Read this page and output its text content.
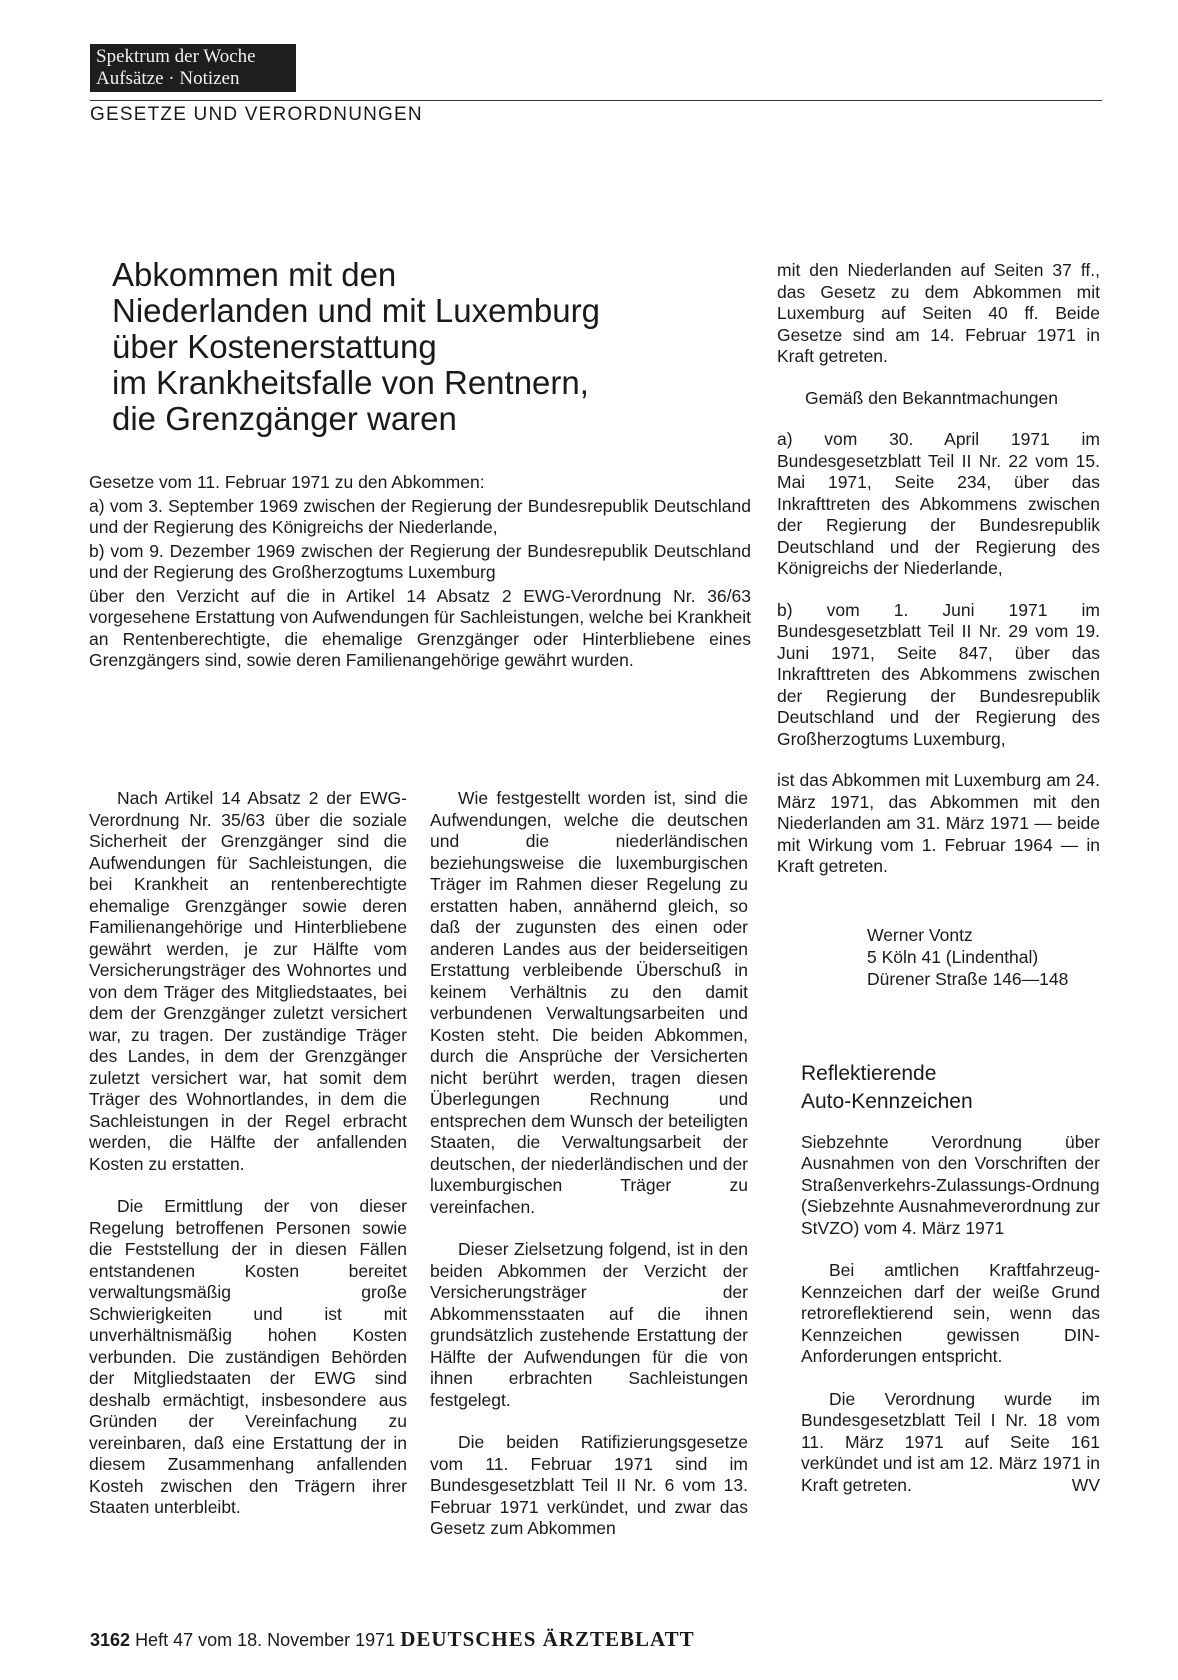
Spektrum der Woche
Aufsätze · Notizen
GESETZE UND VERORDNUNGEN
Abkommen mit den
Niederlanden und mit Luxemburg
über Kostenerstattung
im Krankheitsfalle von Rentnern,
die Grenzgänger waren

Gesetze vom 11. Februar 1971 zu den Abkommen:

a) vom 3. September 1969 zwischen der Regierung der Bundesrepublik Deutschland und der Regierung des Königreichs der Niederlande,

b) vom 9. Dezember 1969 zwischen der Regierung der Bundesrepublik Deutschland und der Regierung des Großherzogtums Luxemburg

über den Verzicht auf die in Artikel 14 Absatz 2 EWG-Verordnung Nr. 36/63 vorgesehene Erstattung von Aufwendungen für Sachleistungen, welche bei Krankheit an Rentenberechtigte, die ehemalige Grenzgänger oder Hinterbliebene eines Grenzgängers sind, sowie deren Familienangehörige gewährt wurden.

Nach Artikel 14 Absatz 2 der EWG-Verordnung Nr. 35/63 über die soziale Sicherheit der Grenzgänger sind die Aufwendungen für Sachleistungen, die bei Krankheit an rentenberechtigte ehemalige Grenzgänger sowie deren Familienangehörige und Hinterbliebene gewährt werden, je zur Hälfte vom Versicherungsträger des Wohnortes und von dem Träger des Mitgliedstaates, bei dem der Grenzgänger zuletzt versichert war, zu tragen. Der zuständige Träger des Landes, in dem der Grenzgänger zuletzt versichert war, hat somit dem Träger des Wohnortlandes, in dem die Sachleistungen in der Regel erbracht werden, die Hälfte der anfallenden Kosten zu erstatten.

Die Ermittlung der von dieser Regelung betroffenen Personen sowie die Feststellung der in diesen Fällen entstandenen Kosten bereitet verwaltungsmäßig große Schwierigkeiten und ist mit unverhältnismäßig hohen Kosten verbunden. Die zuständigen Behörden der Mitgliedstaaten der EWG sind deshalb ermächtigt, insbesondere aus Gründen der Vereinfachung zu vereinbaren, daß eine Erstattung der in diesem Zusammenhang anfallenden Kosteh zwischen den Trägern ihrer Staaten unterbleibt.

Wie festgestellt worden ist, sind die Aufwendungen, welche die deutschen und die niederländischen beziehungsweise die luxemburgischen Träger im Rahmen dieser Regelung zu erstatten haben, annähernd gleich, so daß der zugunsten des einen oder anderen Landes aus der beiderseitigen Erstattung verbleibende Überschuß in keinem Verhältnis zu den damit verbundenen Verwaltungsarbeiten und Kosten steht. Die beiden Abkommen, durch die Ansprüche der Versicherten nicht berührt werden, tragen diesen Überlegungen Rechnung und entsprechen dem Wunsch der beteiligten Staaten, die Verwaltungsarbeit der deutschen, der niederländischen und der luxemburgischen Träger zu vereinfachen.

Dieser Zielsetzung folgend, ist in den beiden Abkommen der Verzicht der Versicherungsträger der Abkommensstaaten auf die ihnen grundsätzlich zustehende Erstattung der Hälfte der Aufwendungen für die von ihnen erbrachten Sachleistungen festgelegt.

Die beiden Ratifizierungsgesetze vom 11. Februar 1971 sind im Bundesgesetzblatt Teil II Nr. 6 vom 13. Februar 1971 verkündet, und zwar das Gesetz zum Abkommen

mit den Niederlanden auf Seiten 37 ff., das Gesetz zu dem Abkommen mit Luxemburg auf Seiten 40 ff. Beide Gesetze sind am 14. Februar 1971 in Kraft getreten.

Gemäß den Bekanntmachungen

a) vom 30. April 1971 im Bundesgesetzblatt Teil II Nr. 22 vom 15. Mai 1971, Seite 234, über das Inkrafttreten des Abkommens zwischen der Regierung der Bundesrepublik Deutschland und der Regierung des Königreichs der Niederlande,

b) vom 1. Juni 1971 im Bundesgesetzblatt Teil II Nr. 29 vom 19. Juni 1971, Seite 847, über das Inkrafttreten des Abkommens zwischen der Regierung der Bundesrepublik Deutschland und der Regierung des Großherzogtums Luxemburg,

ist das Abkommen mit Luxemburg am 24. März 1971, das Abkommen mit den Niederlanden am 31. März 1971 — beide mit Wirkung vom 1. Februar 1964 — in Kraft getreten.

Werner Vontz
5 Köln 41 (Lindenthal)
Dürener Straße 146—148
Reflektierende
Auto-Kennzeichen

Siebzehnte Verordnung über Ausnahmen von den Vorschriften der Straßenverkehrs-Zulassungs-Ordnung (Siebzehnte Ausnahmeverordnung zur StVZO) vom 4. März 1971

Bei amtlichen Kraftfahrzeug-Kennzeichen darf der weiße Grund retroreflektierend sein, wenn das Kennzeichen gewissen DIN-Anforderungen entspricht.

Die Verordnung wurde im Bundesgesetzblatt Teil I Nr. 18 vom 11. März 1971 auf Seite 161 verkündet und ist am 12. März 1971 in Kraft getreten.	WV

3162 Heft 47 vom 18. November 1971 DEUTSCHES ÄRZTEBLATT
